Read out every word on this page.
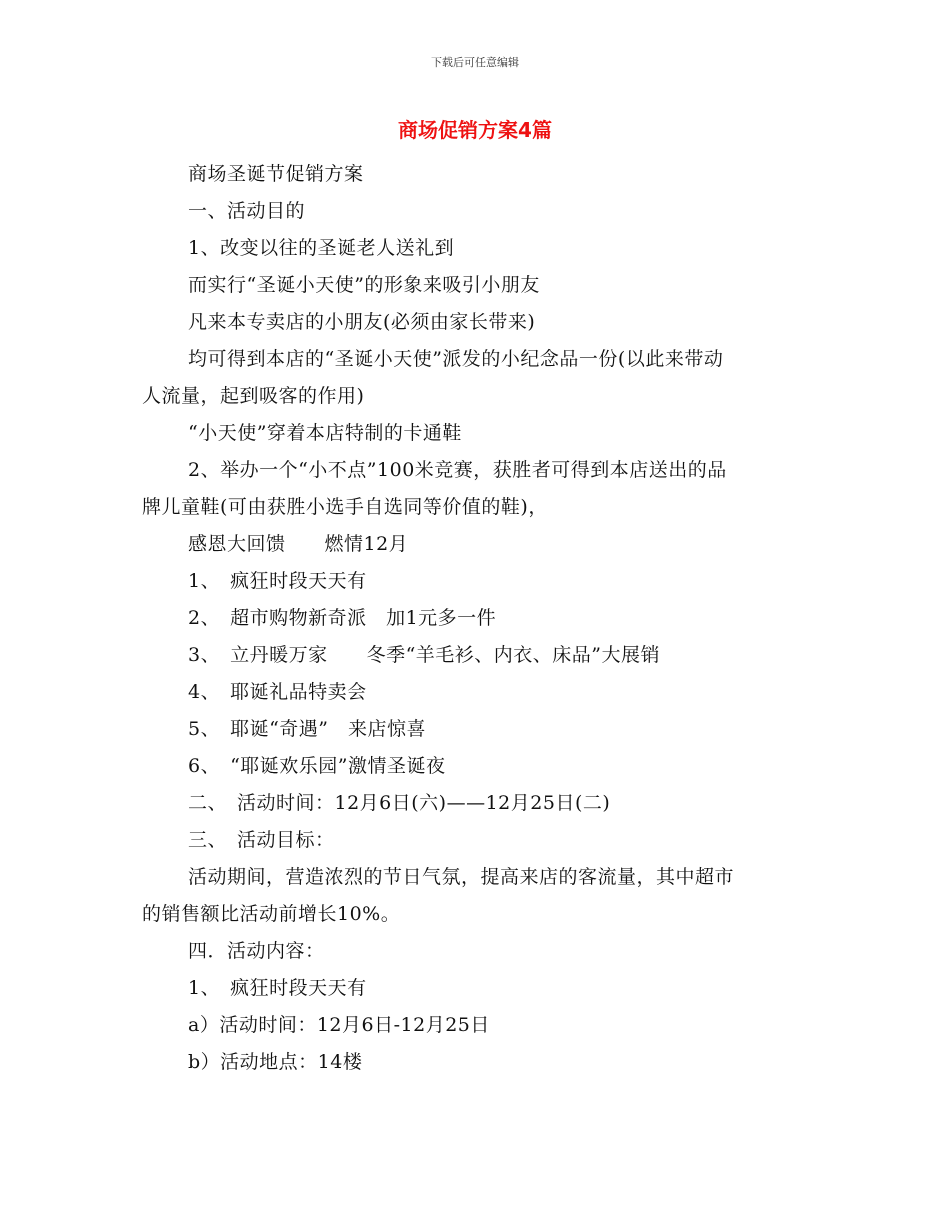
下载后可任意编辑
商场促销方案4篇
商场圣诞节促销方案
一、活动目的
1、改变以往的圣诞老人送礼到
而实行“圣诞小天使”的形象来吸引小朋友
凡来本专卖店的小朋友(必须由家长带来)
均可得到本店的“圣诞小天使”派发的小纪念品一份(以此来带动
人流量，起到吸客的作用)
“小天使”穿着本店特制的卡通鞋
2、举办一个“小不点”100米竞赛，获胜者可得到本店送出的品
牌儿童鞋(可由获胜小选手自选同等价值的鞋)，
感恩大回馈　　燃情12月
1、　疯狂时段天天有
2、　超市购物新奇派　加1元多一件
3、　立丹暖万家　　冬季“羊毛衫、内衣、床品”大展销
4、　耶诞礼品特卖会
5、　耶诞“奇遇”　来店惊喜
6、　“耶诞欢乐园”激情圣诞夜
二、　活动时间：12月6日(六)——12月25日(二)
三、　活动目标：
活动期间，营造浓烈的节日气氛，提高来店的客流量，其中超市
的销售额比活动前增长10%。
四．活动内容：
1、　疯狂时段天天有
a）活动时间：12月6日-12月25日
b）活动地点：14楼
